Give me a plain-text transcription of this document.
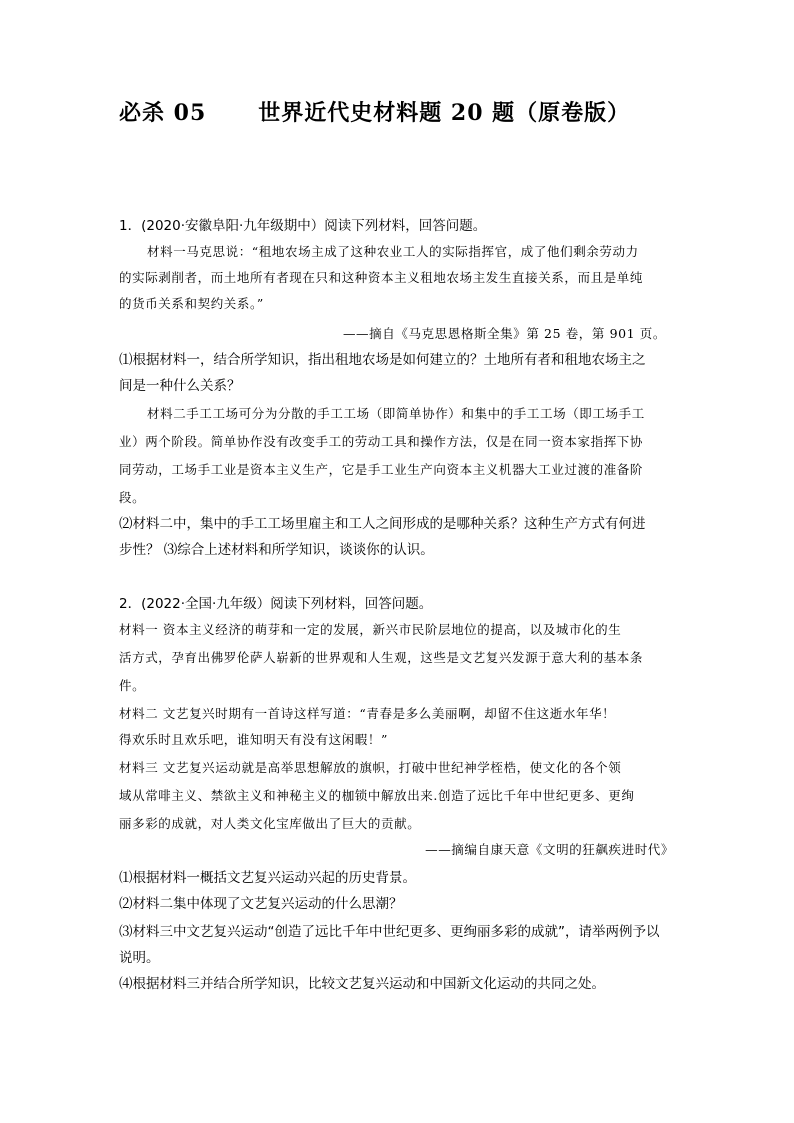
必杀 05      世界近代史材料题 20 题（原卷版）
1．(2020·安徽阜阳·九年级期中）阅读下列材料，回答问题。
材料一马克思说：“租地农场主成了这种农业工人的实际指挥官，成了他们剩余劳动力
的实际剥削者，而土地所有者现在只和这种资本主义租地农场主发生直接关系，而且是单纯
的货币关系和契约关系。”
——摘自《马克思恩格斯全集》第 25 卷，第 901 页。
⑴根据材料一，结合所学知识，指出租地农场是如何建立的？土地所有者和租地农场主之
间是一种什么关系？
材料二手工工场可分为分散的手工工场（即简单协作）和集中的手工工场（即工场手工
业）两个阶段。简单协作没有改变手工的劳动工具和操作方法，仅是在同一资本家指挥下协
同劳动，工场手工业是资本主义生产，它是手工业生产向资本主义机器大工业过渡的准备阶
段。
⑵材料二中，集中的手工工场里雇主和工人之间形成的是哪种关系？这种生产方式有何进
步性？ ⑶综合上述材料和所学知识，谈谈你的认识。
2．(2022·全国·九年级）阅读下列材料，回答问题。
材料一 资本主义经济的萌芽和一定的发展，新兴市民阶层地位的提高，以及城市化的生
活方式，孕育出佛罗伦萨人崭新的世界观和人生观，这些是文艺复兴发源于意大利的基本条
件。
材料二 文艺复兴时期有一首诗这样写道：“青春是多么美丽啊，却留不住这逝水年华！
得欢乐时且欢乐吧，谁知明天有没有这闲暇！”
材料三 文艺复兴运动就是高举思想解放的旗帜，打破中世纪神学桎梏，使文化的各个领
域从常啡主义、禁欲主义和神秘主义的枷锁中解放出来.创造了远比千年中世纪更多、更绚
丽多彩的成就，对人类文化宝库做出了巨大的贡献。
——摘编自康天意《文明的狂飙疾进时代》
⑴根据材料一概括文艺复兴运动兴起的历史背景。
⑵材料二集中体现了文艺复兴运动的什么思潮？
⑶材料三中文艺复兴运动“创造了远比千年中世纪更多、更绚丽多彩的成就”，请举两例予以
说明。
⑷根据材料三并结合所学知识，比较文艺复兴运动和中国新文化运动的共同之处。
